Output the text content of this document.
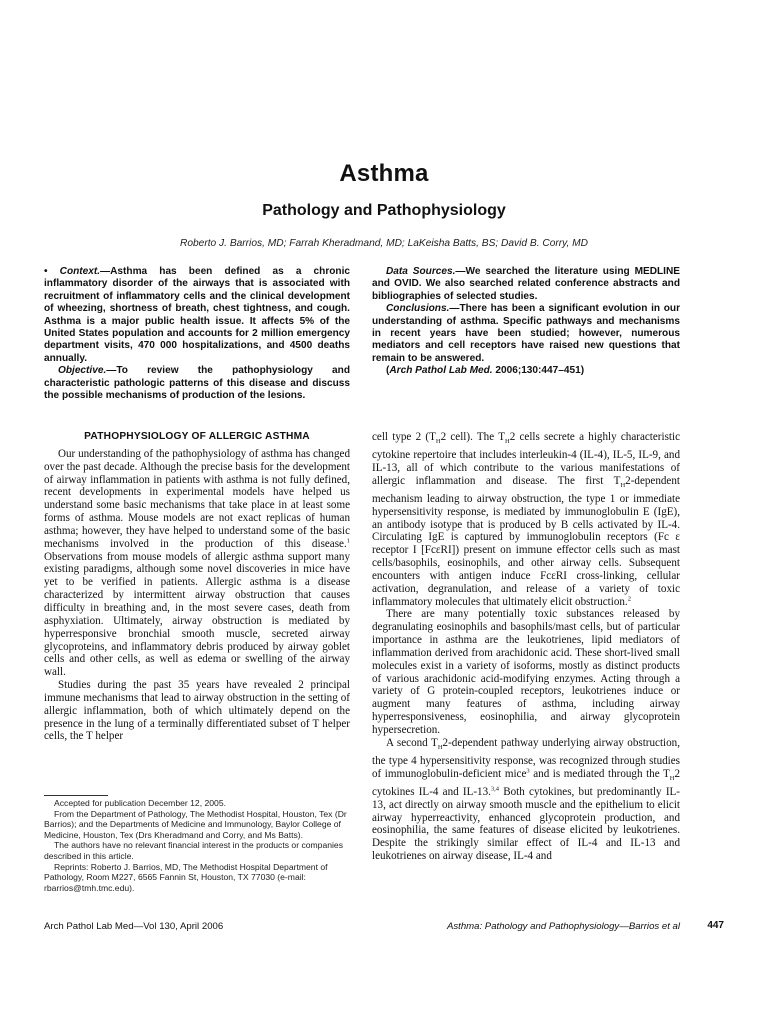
Asthma
Pathology and Pathophysiology
Roberto J. Barrios, MD; Farrah Kheradmand, MD; LaKeisha Batts, BS; David B. Corry, MD

• Context.—Asthma has been defined as a chronic inflammatory disorder of the airways that is associated with recruitment of inflammatory cells and the clinical development of wheezing, shortness of breath, chest tightness, and cough. Asthma is a major public health issue. It affects 5% of the United States population and accounts for 2 million emergency department visits, 470 000 hospitalizations, and 4500 deaths annually.

Objective.—To review the pathophysiology and characteristic pathologic patterns of this disease and discuss the possible mechanisms of production of the lesions.

Data Sources.—We searched the literature using MEDLINE and OVID. We also searched related conference abstracts and bibliographies of selected studies.

Conclusions.—There has been a significant evolution in our understanding of asthma. Specific pathways and mechanisms in recent years have been studied; however, numerous mediators and cell receptors have raised new questions that remain to be answered.

(Arch Pathol Lab Med. 2006;130:447–451)

PATHOPHYSIOLOGY OF ALLERGIC ASTHMA

Our understanding of the pathophysiology of asthma has changed over the past decade. Although the precise basis for the development of airway inflammation in patients with asthma is not fully defined, recent developments in experimental models have helped us understand some basic mechanisms that take place in at least some forms of asthma. Mouse models are not exact replicas of human asthma; however, they have helped to understand some of the basic mechanisms involved in the production of this disease.$^1$ Observations from mouse models of allergic asthma support many existing paradigms, although some novel discoveries in mice have yet to be verified in patients. Allergic asthma is a disease characterized by intermittent airway obstruction that causes difficulty in breathing and, in the most severe cases, death from asphyxiation. Ultimately, airway obstruction is mediated by hyperresponsive bronchial smooth muscle, secreted airway glycoproteins, and inflammatory debris produced by airway goblet cells and other cells, as well as edema or swelling of the airway wall.

Studies during the past 35 years have revealed 2 principal immune mechanisms that lead to airway obstruction in the setting of allergic inflammation, both of which ultimately depend on the presence in the lung of a terminally differentiated subset of T helper cells, the T helper

cell type 2 ($T_H2$ cell). The $T_H2$ cells secrete a highly characteristic cytokine repertoire that includes interleukin-4 (IL-4), IL-5, IL-9, and IL-13, all of which contribute to the various manifestations of allergic inflammation and disease. The first $T_H2$-dependent mechanism leading to airway obstruction, the type 1 or immediate hypersensitivity response, is mediated by immunoglobulin E (IgE), an antibody isotype that is produced by B cells activated by IL-4. Circulating IgE is captured by immunoglobulin receptors (Fc ε receptor I [FcεRI]) present on immune effector cells such as mast cells/basophils, eosinophils, and other airway cells. Subsequent encounters with antigen induce FcεRI cross-linking, cellular activation, degranulation, and release of a variety of toxic inflammatory molecules that ultimately elicit obstruction.$^2$

There are many potentially toxic substances released by degranulating eosinophils and basophils/mast cells, but of particular importance in asthma are the leukotrienes, lipid mediators of inflammation derived from arachidonic acid. These short-lived small molecules exist in a variety of isoforms, mostly as distinct products of various arachidonic acid-modifying enzymes. Acting through a variety of G protein-coupled receptors, leukotrienes induce or augment many features of asthma, including airway hyperresponsiveness, eosinophilia, and airway glycoprotein hypersecretion.

A second $T_H2$-dependent pathway underlying airway obstruction, the type 4 hypersensitivity response, was recognized through studies of immunoglobulin-deficient mice$^3$ and is mediated through the $T_H2$ cytokines IL-4 and IL-13.$^{3,4}$ Both cytokines, but predominantly IL-13, act directly on airway smooth muscle and the epithelium to elicit airway hyperreactivity, enhanced glycoprotein production, and eosinophilia, the same features of disease elicited by leukotrienes. Despite the strikingly similar effect of IL-4 and IL-13 and leukotrienes on airway disease, IL-4 and

Accepted for publication December 12, 2005.

From the Department of Pathology, The Methodist Hospital, Houston, Tex (Dr Barrios); and the Departments of Medicine and Immunology, Baylor College of Medicine, Houston, Tex (Drs Kheradmand and Corry, and Ms Batts).

The authors have no relevant financial interest in the products or companies described in this article.

Reprints: Roberto J. Barrios, MD, The Methodist Hospital Department of Pathology, Room M227, 6565 Fannin St, Houston, TX 77030 (e-mail: rbarrios@tmh.tmc.edu).

Arch Pathol Lab Med—Vol 130, April 2006	Asthma: Pathology and Pathophysiology—Barrios et al	447
